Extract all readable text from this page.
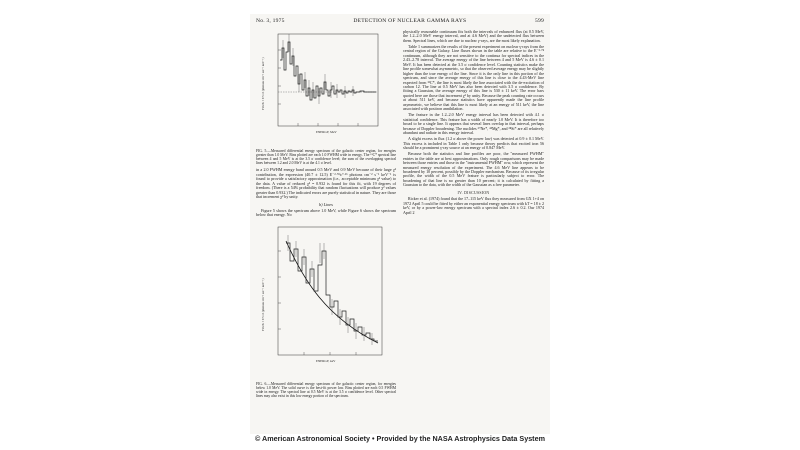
No. 3, 1975	DETECTION OF NUCLEAR GAMMA RAYS	599
FLUX × E^1.5 (photons cm⁻² sec⁻¹ keV⁻¹)
ENERGY, MeV
FIG. 5.—Measured differential energy spectrum of the galactic center region, for energies greater than 1.0 MeV. Bins plotted are each 1.0 FWHM wide in energy. The ¹²C* spectral line between 4 and 5 MeV is at the 3.5 σ confidence level; the sum of the overlapping spectral lines between 1.2 and 2.0 MeV is at the 4.1 σ level.

in a 2.0 FWHM energy band around 0.5 MeV and 0.9 MeV because of their large χ² contribution, the expression (40.7 ± 12.5) E⁻²·⁷⁸±⁰·¹⁶ photons cm⁻² s⁻¹ keV⁻¹ is found to provide a satisfactory approximation (i.e., acceptable minimum χ² value) to the data. A value of reduced χ² = 0.932 is found for this fit, with 19 degrees of freedom. (There is a 54% probability that random fluctuations will produce χ² values greater than 0.932.) The indicated errors are purely statistical in nature. They are those that increment χ² by unity.

b) Lines

Figure 5 shows the spectrum above 1.0 MeV, while Figure 6 shows the spectrum below that energy. No

FLUX × E^1.5 (photons cm⁻² sec⁻¹ keV⁻¹)
ENERGY, keV
FIG. 6.—Measured differential energy spectrum of the galactic center region, for energies below 1.0 MeV. The solid curve is the best-fit power law. Bins plotted are each 0.5 FWHM wide in energy. The spectral line at 0.5 MeV is at the 3.5 σ confidence level. Other spectral lines may also exist in this low energy portion of the spectrum.

physically reasonable continuum fits both the intervals of enhanced flux (at 0.5 MeV, the 1.2–2.0 MeV energy interval, and at 4.6 MeV) and the undetected flux between them. Spectral lines, which are due to nuclear γ-rays, are the most likely explanation.

Table 1 summarizes the results of the present experiment on nuclear γ-rays from the central region of the Galaxy. Line fluxes shown in the table are relative to the E⁻²·⁷⁸ continuum, although they are not sensitive to the continua for spectral indices in the 2.43–2.78 interval. The average energy of the line between 4 and 5 MeV is 4.6 ± 0.1 MeV. It has been detected at the 3.5 σ confidence level. Counting statistics make the line profile somewhat asymmetric, so that the observed average energy may be slightly higher than the true energy of the line. Since it is the only line in this portion of the spectrum, and since the average energy of this line is close to the 4.43-MeV line expected from ¹²C*, the line is most likely the line associated with the de-excitation of carbon 12. The line at 0.5 MeV has also been detected with 3.5 σ confidence. By fitting a Gaussian, the average energy of this line is 530 ± 11 keV. The error bars quoted here are those that increment χ² by unity. Because the peak counting rate occurs at about 511 keV, and because statistics have apparently made the line profile asymmetric, we believe that this line is most likely at an energy of 511 keV, the line associated with positron annihilation.

The feature in the 1.2–2.0 MeV energy interval has been detected with 4.1 σ statistical confidence. This feature has a width of nearly 1.0 MeV. It is therefore too broad to be a single line. It appears that several lines overlap in that interval, perhaps because of Doppler broadening. The nuclides ²⁰Ne*, ²⁴Mg*, and ²⁸Si* are all relatively abundant and radiate in this energy interval.

A slight excess in flux (1.2 σ above the power law) was detected at 0.9 ± 0.1 MeV. This excess is included in Table 1 only because theory predicts that excited iron 56 should be a prominent γ-ray source at an energy of 0.847 MeV.

Because both the statistics and line profiles are poor, the "measured FWHM" entries in the table are at best approximations. Only rough comparisons may be made between those entries and those in the "instrumental FWHM" row, which represent the measured energy resolution of the experiment. The 4.6 MeV line appears to be broadened by 10 percent, possibly by the Doppler mechanism. Because of its irregular profile, the width of the 0.5 MeV feature is particularly subject to error. The broadening of that line is no greater than 10 percent; it is calculated by fitting a Gaussian to the data, with the width of the Gaussian as a free parameter.

IV. DISCUSSION

Ricker et al. (1974) found that the 17–115 keV flux they measured from GX 1+4 on 1972 April 5 could be fitted by either an exponential energy spectrum with kT = 18 ± 2 keV, or by a power-law energy spectrum with a spectral index 2.6 ± 0.2. Our 1974 April 2

© American Astronomical Society • Provided by the NASA Astrophysics Data System
